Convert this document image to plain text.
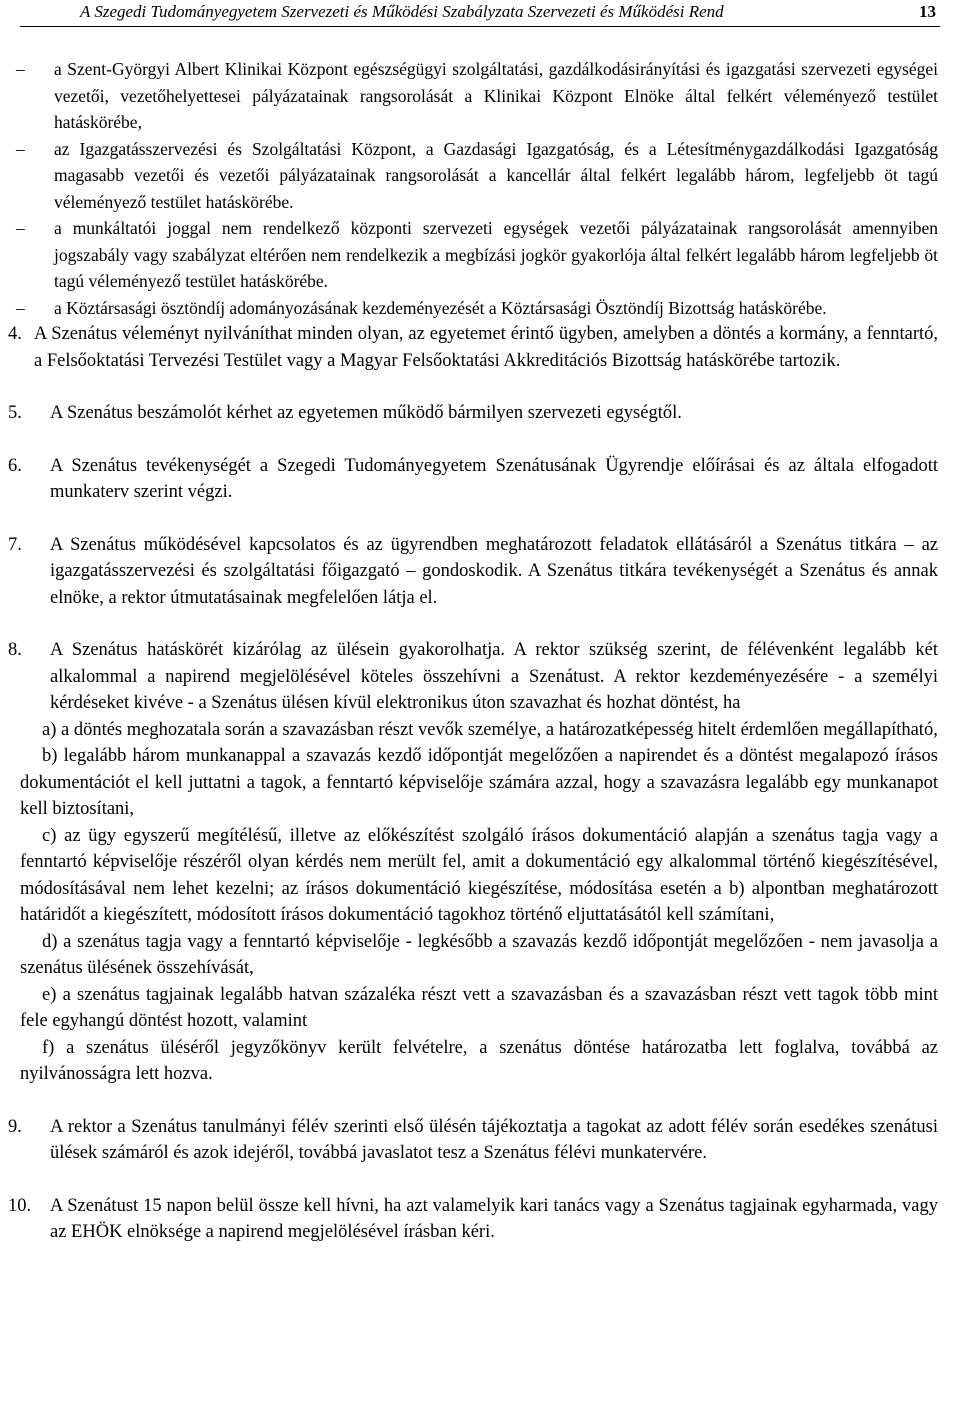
A Szegedi Tudományegyetem Szervezeti és Működési Szabályzata Szervezeti és Működési Rend	13
– a Szent-Györgyi Albert Klinikai Központ egészségügyi szolgáltatási, gazdálkodásirányítási és igazgatási szervezeti egységei vezetői, vezetőhelyettesei pályázatainak rangsorolását a Klinikai Központ Elnöke által felkért véleményező testület hatáskörébe,
– az Igazgatásszervezési és Szolgáltatási Központ, a Gazdasági Igazgatóság, és a Létesítménygazdálkodási Igazgatóság magasabb vezetői és vezetői pályázatainak rangsorolását a kancellár által felkért legalább három, legfeljebb öt tagú véleményező testület hatáskörébe.
– a munkáltatói joggal nem rendelkező központi szervezeti egységek vezetői pályázatainak rangsorolását amennyiben jogszabály vagy szabályzat eltérően nem rendelkezik a megbízási jogkör gyakorlója által felkért legalább három legfeljebb öt tagú véleményező testület hatáskörébe.
– a Köztársasági ösztöndíj adományozásának kezdeményezését a Köztársasági Ösztöndíj Bizottság hatáskörébe.
4. A Szenátus véleményt nyilváníthat minden olyan, az egyetemet érintő ügyben, amelyben a döntés a kormány, a fenntartó, a Felsőoktatási Tervezési Testület vagy a Magyar Felsőoktatási Akkreditációs Bizottság hatáskörébe tartozik.
5. A Szenátus beszámolót kérhet az egyetemen működő bármilyen szervezeti egységtől.
6. A Szenátus tevékenységét a Szegedi Tudományegyetem Szenátusának Ügyrendje előírásai és az általa elfogadott munkaterv szerint végzi.
7. A Szenátus működésével kapcsolatos és az ügyrendben meghatározott feladatok ellátásáról a Szenátus titkára – az igazgatásszervezési és szolgáltatási főigazgató – gondoskodik. A Szenátus titkára tevékenységét a Szenátus és annak elnöke, a rektor útmutatásainak megfelelően látja el.
8. A Szenátus hatáskörét kizárólag az ülésein gyakorolhatja. A rektor szükség szerint, de félévenként legalább két alkalommal a napirend megjelölésével köteles összehívni a Szenátust. A rektor kezdeményezésére - a személyi kérdéseket kivéve - a Szenátus ülésen kívül elektronikus úton szavazhat és hozhat döntést, ha
a) a döntés meghozatala során a szavazásban részt vevők személye, a határozatképesség hitelt érdemlően megállapítható,
b) legalább három munkanappal a szavazás kezdő időpontját megelőzően a napirendet és a döntést megalapozó írásos dokumentációt el kell juttatni a tagok, a fenntartó képviselője számára azzal, hogy a szavazásra legalább egy munkanapot kell biztosítani,
c) az ügy egyszerű megítélésű, illetve az előkészítést szolgáló írásos dokumentáció alapján a szenátus tagja vagy a fenntartó képviselője részéről olyan kérdés nem merült fel, amit a dokumentáció egy alkalommal történő kiegészítésével, módosításával nem lehet kezelni; az írásos dokumentáció kiegészítése, módosítása esetén a b) alpontban meghatározott határidőt a kiegészített, módosított írásos dokumentáció tagokhoz történő eljuttatásától kell számítani,
d) a szenátus tagja vagy a fenntartó képviselője - legkésőbb a szavazás kezdő időpontját megelőzően - nem javasolja a szenátus ülésének összehívását,
e) a szenátus tagjainak legalább hatvan százaléka részt vett a szavazásban és a szavazásban részt vett tagok több mint fele egyhangú döntést hozott, valamint
f) a szenátus üléséről jegyzőkönyv került felvételre, a szenátus döntése határozatba lett foglalva, továbbá az nyilvánosságra lett hozva.
9. A rektor a Szenátus tanulmányi félév szerinti első ülésén tájékoztatja a tagokat az adott félév során esedékes szenátusi ülések számáról és azok idejéről, továbbá javaslatot tesz a Szenátus félévi munkatervére.
10. A Szenátust 15 napon belül össze kell hívni, ha azt valamelyik kari tanács vagy a Szenátus tagjainak egyharmada, vagy az EHÖK elnöksége a napirend megjelölésével írásban kéri.
